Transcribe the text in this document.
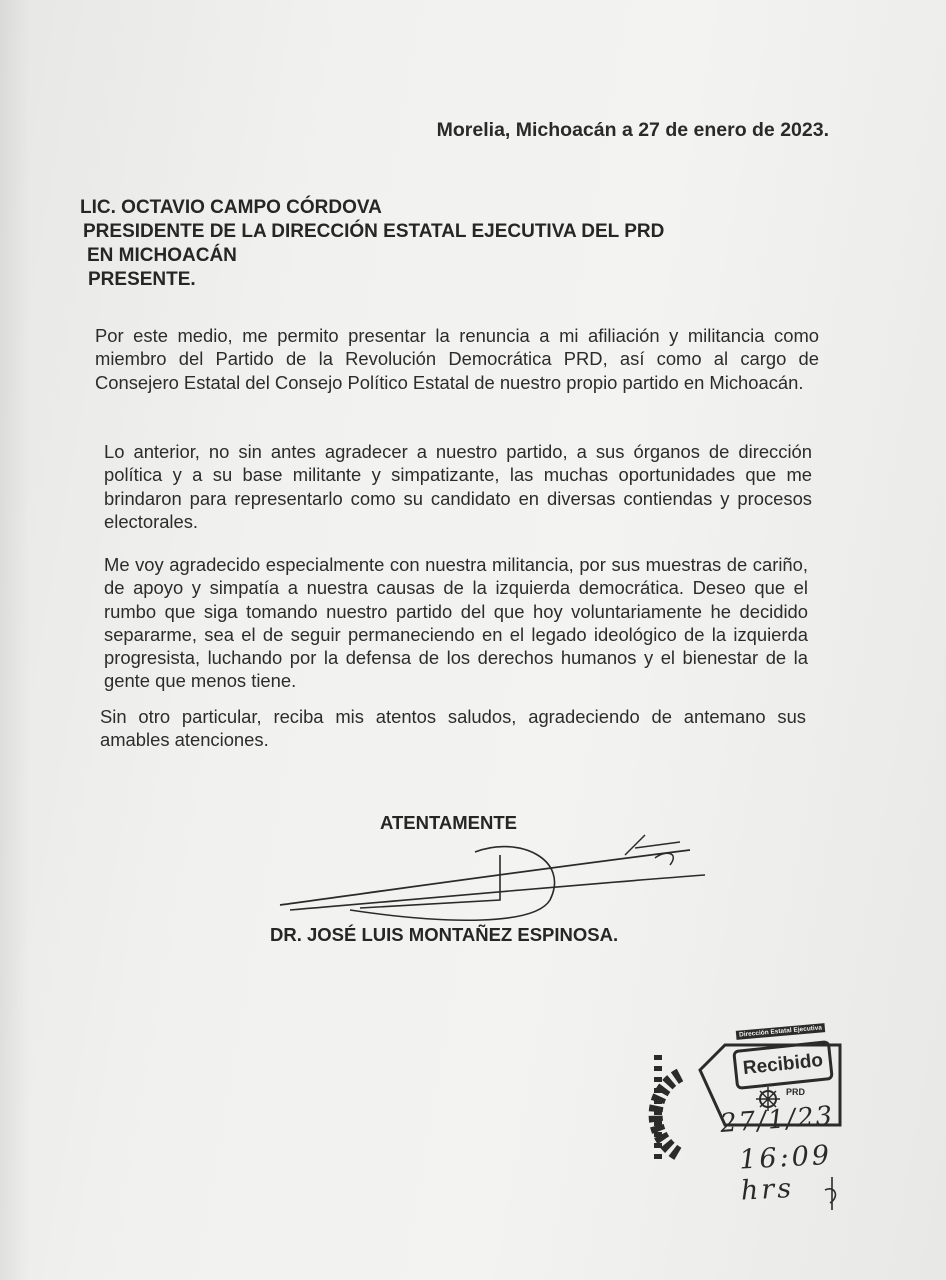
Morelia, Michoacán a 27 de enero de 2023.
LIC. OCTAVIO CAMPO CÓRDOVA
PRESIDENTE DE LA DIRECCIÓN ESTATAL EJECUTIVA DEL PRD
EN MICHOACÁN
PRESENTE.
Por este medio, me permito presentar la renuncia a mi afiliación y militancia como miembro del Partido de la Revolución Democrática PRD, así como al cargo de Consejero Estatal del Consejo Político Estatal de nuestro propio partido en Michoacán.
Lo anterior, no sin antes agradecer a nuestro partido, a sus órganos de dirección política y a su base militante y simpatizante, las muchas oportunidades que me brindaron para representarlo como su candidato en diversas contiendas y procesos electorales.
Me voy agradecido especialmente con nuestra militancia, por sus muestras de cariño, de apoyo y simpatía a nuestra causas de la izquierda democrática. Deseo que el rumbo que siga tomando nuestro partido del que hoy voluntariamente he decidido separarme, sea el de seguir permaneciendo en el legado ideológico de la izquierda progresista, luchando por la defensa de los derechos humanos y el bienestar de la gente que menos tiene.
Sin otro particular, reciba mis atentos saludos, agradeciendo de antemano sus amables atenciones.
ATENTAMENTE
DR. JOSÉ LUIS MONTAÑEZ ESPINOSA.
Dirección Estatal Ejecutiva
Recibido
PRD
27/1/23
16:09 hrs
